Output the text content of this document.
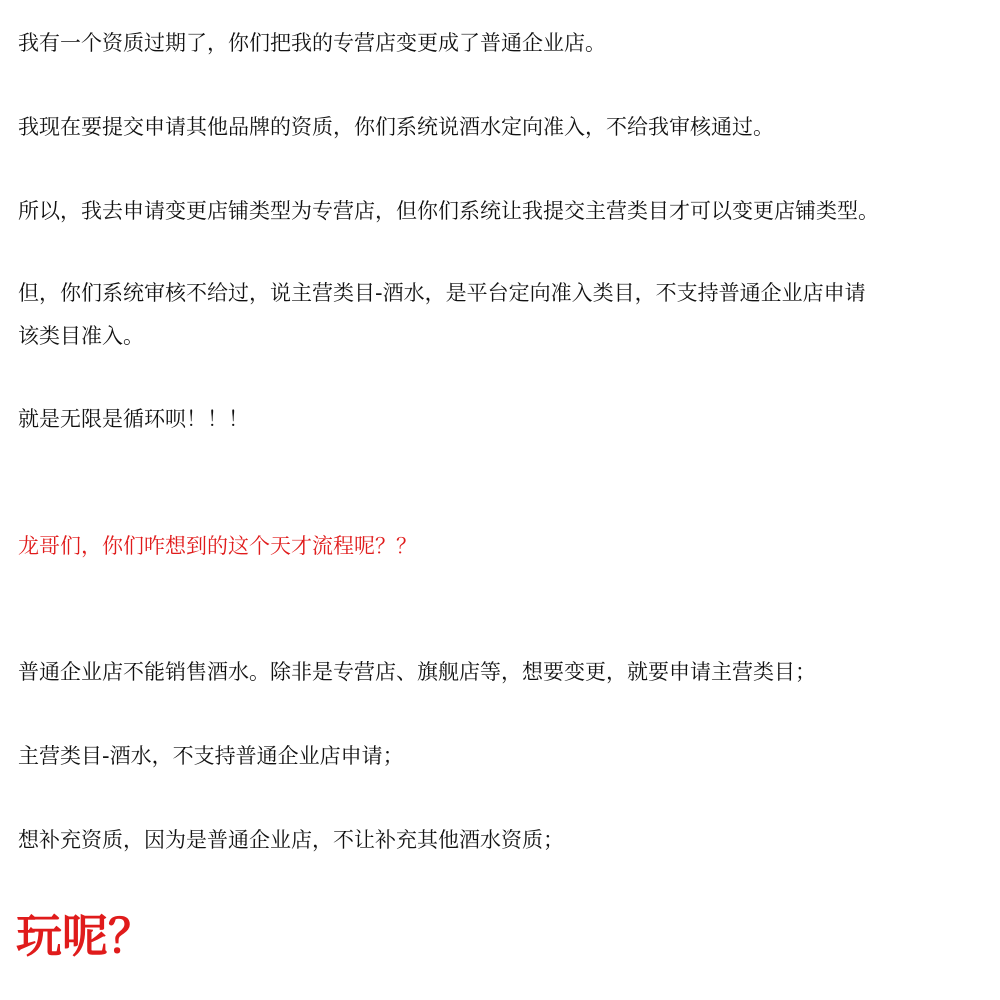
我有一个资质过期了，你们把我的专营店变更成了普通企业店。

我现在要提交申请其他品牌的资质，你们系统说酒水定向准入，不给我审核通过。

所以，我去申请变更店铺类型为专营店，但你们系统让我提交主营类目才可以变更店铺类型。

但，你们系统审核不给过，说主营类目-酒水，是平台定向准入类目，不支持普通企业店申请

该类目准入。

就是无限是循环呗！！！

龙哥们，你们咋想到的这个天才流程呢？？

普通企业店不能销售酒水。除非是专营店、旗舰店等，想要变更，就要申请主营类目；

主营类目-酒水，不支持普通企业店申请；

想补充资质，因为是普通企业店，不让补充其他酒水资质；

玩呢？
